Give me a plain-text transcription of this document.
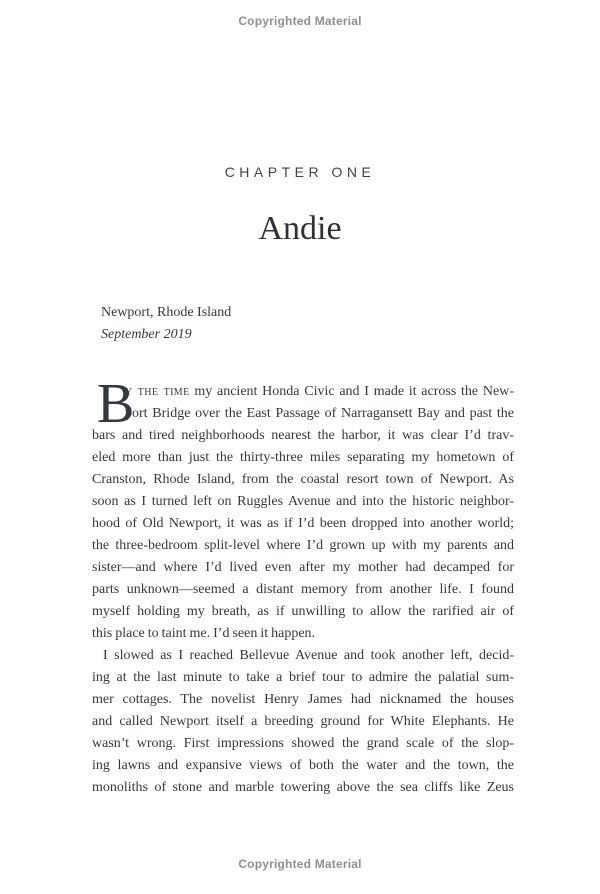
Copyrighted Material
CHAPTER ONE
Andie
Newport, Rhode Island
September 2019
B
y the time my ancient Honda Civic and I made it across the New-
port Bridge over the East Passage of Narragansett Bay and past the
bars and tired neighborhoods nearest the harbor, it was clear I’d trav-
eled more than just the thirty-three miles separating my hometown of
Cranston, Rhode Island, from the coastal resort town of Newport. As
soon as I turned left on Ruggles Avenue and into the historic neighbor-
hood of Old Newport, it was as if I’d been dropped into another world;
the three-bedroom split-level where I’d grown up with my parents and
sister—and where I’d lived even after my mother had decamped for
parts unknown—seemed a distant memory from another life. I found
myself holding my breath, as if unwilling to allow the rarified air of
this place to taint me. I’d seen it happen.
I slowed as I reached Bellevue Avenue and took another left, decid-
ing at the last minute to take a brief tour to admire the palatial sum-
mer cottages. The novelist Henry James had nicknamed the houses
and called Newport itself a breeding ground for White Elephants. He
wasn’t wrong. First impressions showed the grand scale of the slop-
ing lawns and expansive views of both the water and the town, the
monoliths of stone and marble towering above the sea cliffs like Zeus
Copyrighted Material
